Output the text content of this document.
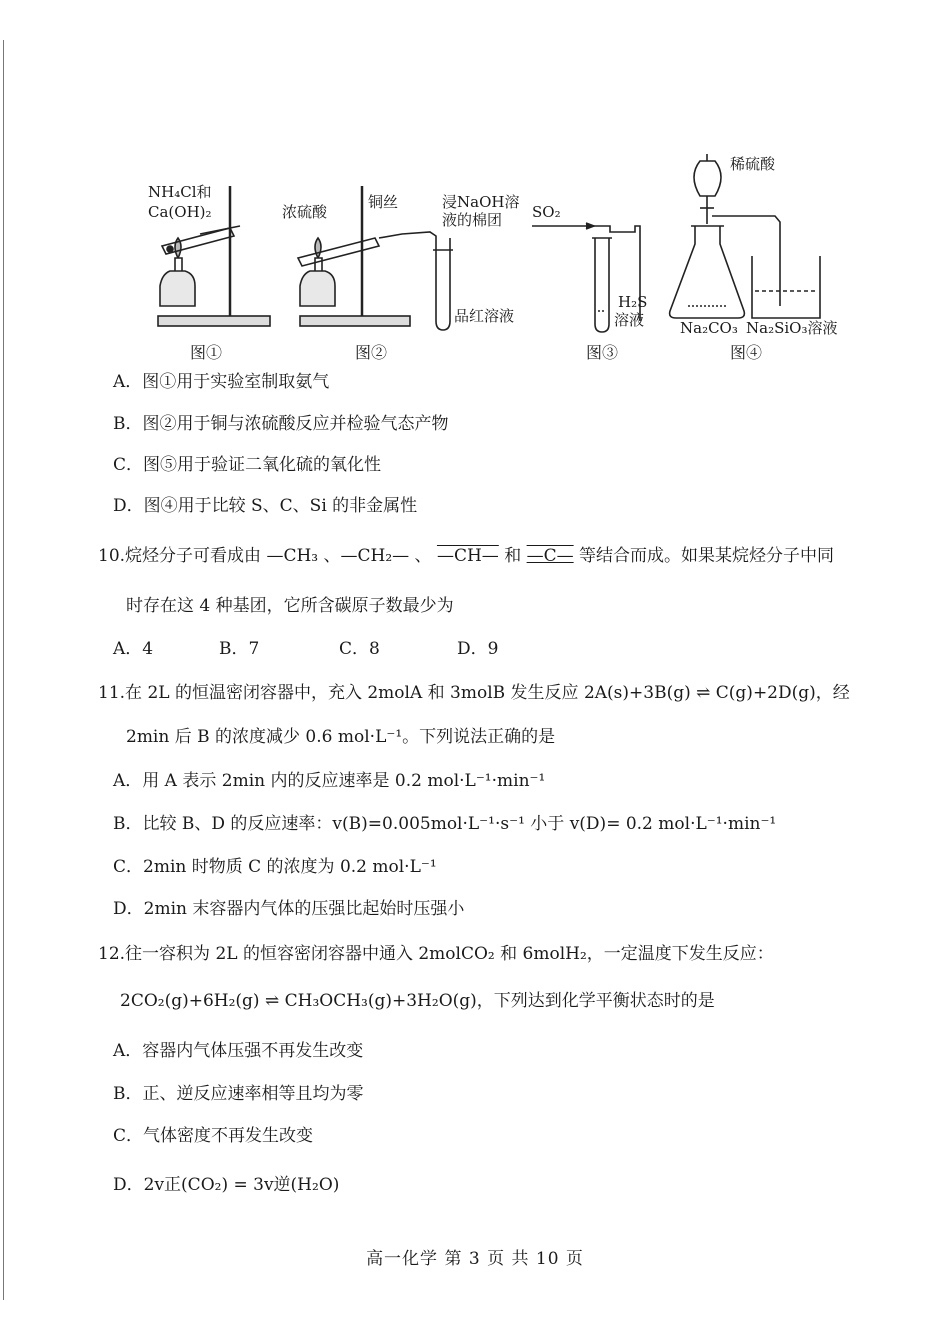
NH₄Cl和
Ca(OH)₂
图①
浓硫酸
铜丝	浸NaOH溶
液的棉团
品红溶液
图②
SO₂
H₂S
溶液
图③
稀硫酸
Na₂CO₃ Na₂SiO₃溶液
图④
A．图①用于实验室制取氨气
B．图②用于铜与浓硫酸反应并检验气态产物
C．图⑤用于验证二氧化硫的氧化性
D．图④用于比较 S、C、Si 的非金属性
10.烷烃分子可看成由 —CH₃ 、—CH₂— 、 —CH— 和 —C— 等结合而成。如果某烷烃分子中同
时存在这 4 种基团，它所含碳原子数最少为
A．4	B．7	C．8	D．9
11.在 2L 的恒温密闭容器中，充入 2molA 和 3molB 发生反应 2A(s)+3B(g) ⇌ C(g)+2D(g)，经
2min 后 B 的浓度减少 0.6 mol·L⁻¹。下列说法正确的是
A．用 A 表示 2min 内的反应速率是 0.2 mol·L⁻¹·min⁻¹
B．比较 B、D 的反应速率：v(B)=0.005mol·L⁻¹·s⁻¹ 小于 v(D)= 0.2 mol·L⁻¹·min⁻¹
C．2min 时物质 C 的浓度为 0.2 mol·L⁻¹
D．2min 末容器内气体的压强比起始时压强小
12.往一容积为 2L 的恒容密闭容器中通入 2molCO₂ 和 6molH₂，一定温度下发生反应：
2CO₂(g)+6H₂(g) ⇌ CH₃OCH₃(g)+3H₂O(g)，下列达到化学平衡状态时的是
A．容器内气体压强不再发生改变
B．正、逆反应速率相等且均为零
C．气体密度不再发生改变
D．2v正(CO₂) = 3v逆(H₂O)
高一化学 第 3 页 共 10 页
